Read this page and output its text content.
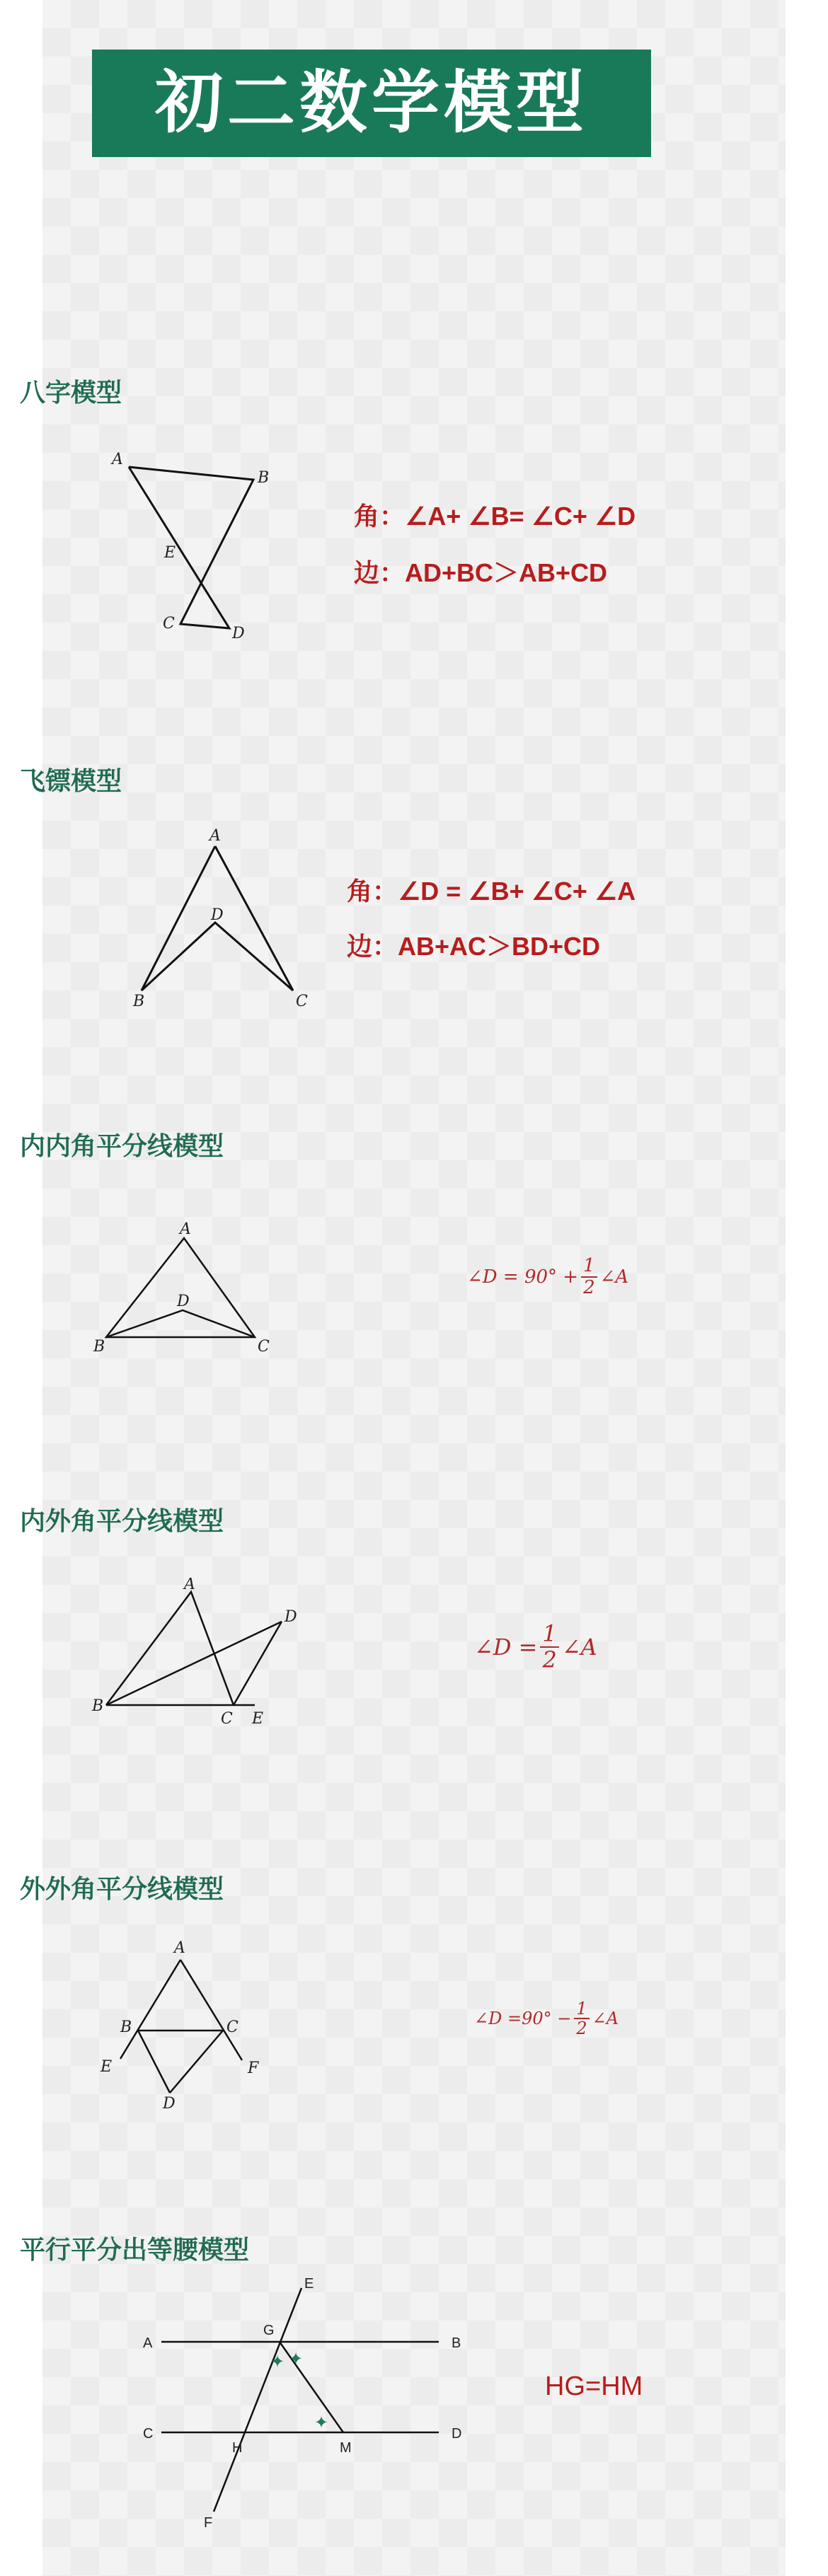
初二数学模型
八字模型
A
B
E
C
D
角：∠A+ ∠B= ∠C+ ∠D
边：AD+BC＞AB+CD
飞镖模型
A
D
B	C
角：∠D = ∠B+ ∠C+ ∠A
边：AB+AC＞BD+CD
内内角平分线模型
A
D
B	C
∠D = $90^\circ + \frac{1}{2}$ ∠A
内外角平分线模型
A
D
B
C E
∠D = $\frac{1}{2}$ ∠A
外外角平分线模型
A
B	C
E	F
D
∠D $=90^\circ - \frac{1}{2}$ ∠A
平行平分出等腰模型
✦ ✦
✦
E
A
G
B
C
H	M
D
F
HG=HM
